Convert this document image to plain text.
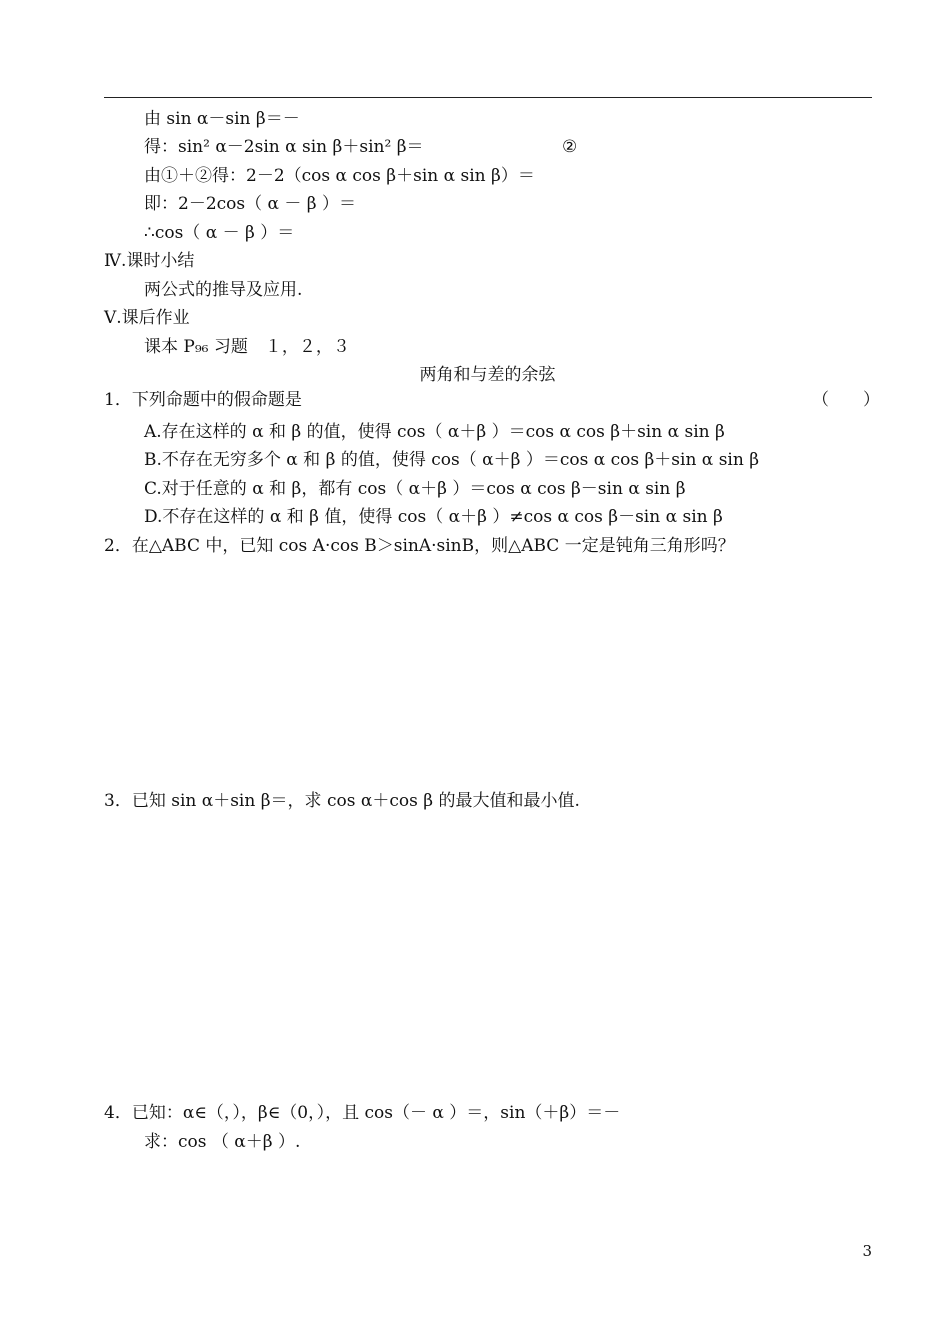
由 sin α－sin β＝－
得：sin² α－2sin α sin β＋sin² β＝	②
由①＋②得：2－2（cos α cos β＋sin α sin β）＝
即：2－2cos（ α － β ）＝
∴cos（ α － β ）＝
Ⅳ.课时小结
两公式的推导及应用.
Ⅴ.课后作业
课本 P₉₆ 习题　１，２，３
两角和与差的余弦
1．下列命题中的假命题是	（　　）
A.存在这样的 α 和 β 的值，使得 cos（ α＋β ）＝cos α cos β＋sin α sin β
B.不存在无穷多个 α 和 β 的值，使得 cos（ α＋β ）＝cos α cos β＋sin α sin β
C.对于任意的 α 和 β，都有 cos（ α＋β ）＝cos α cos β－sin α sin β
D.不存在这样的 α 和 β 值，使得 cos（ α＋β ）≠cos α cos β－sin α sin β
2．在△ABC 中，已知 cos A·cos B＞sinA·sinB，则△ABC 一定是钝角三角形吗？
3．已知 sin α＋sin β＝，求 cos α＋cos β 的最大值和最小值.
4．已知：α∈（，），β∈（0，），且 cos（－ α ）＝，sin（＋β）＝－
求：cos （ α＋β ）.
3
